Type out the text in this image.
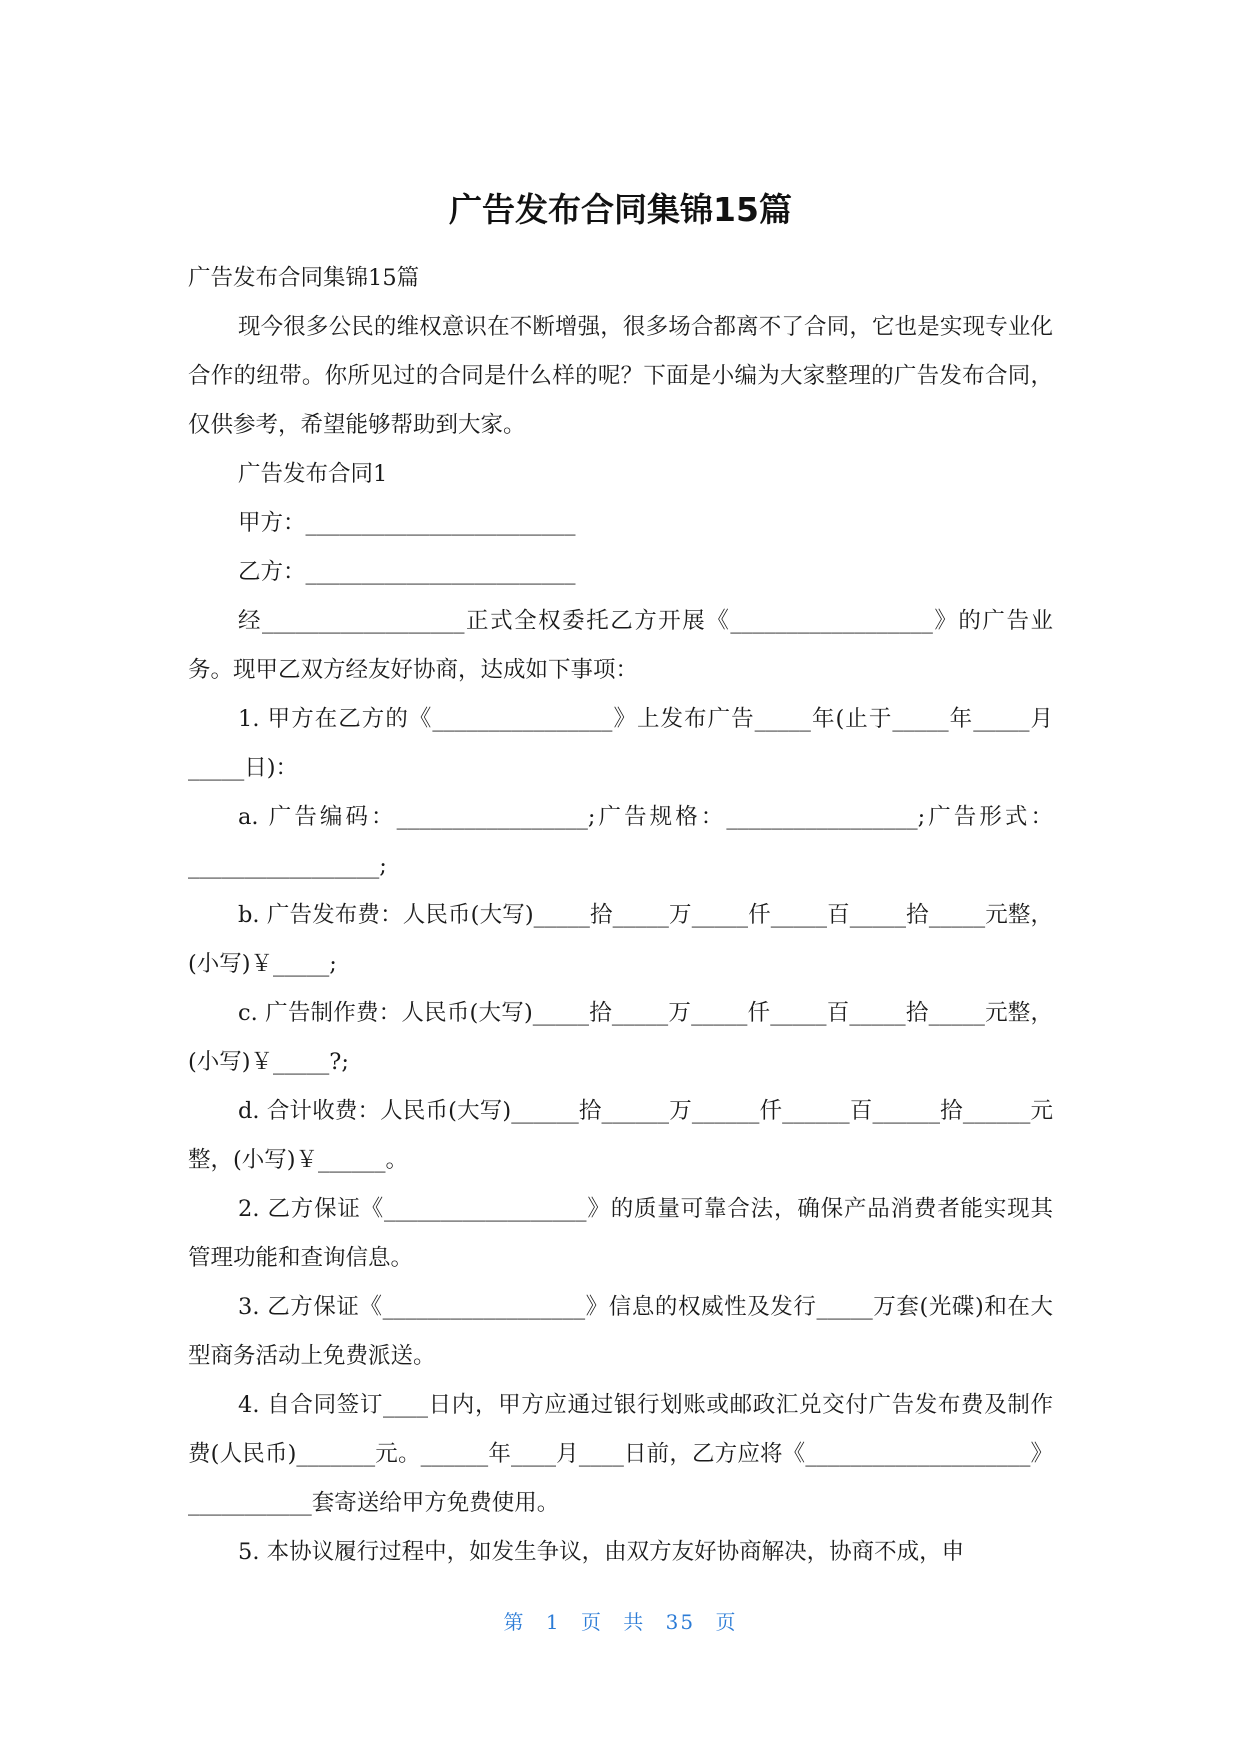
广告发布合同集锦15篇

广告发布合同集锦15篇

现今很多公民的维权意识在不断增强，很多场合都离不了合同，它也是实现专业化合作的纽带。你所见过的合同是什么样的呢？下面是小编为大家整理的广告发布合同，仅供参考，希望能够帮助到大家。

广告发布合同1

甲方：________________________

乙方：________________________

经__________________正式全权委托乙方开展《__________________》的广告业务。现甲乙双方经友好协商，达成如下事项：

1. 甲方在乙方的《________________》上发布广告_____年(止于_____年_____月_____日)：

a. 广告编码：_________________;广告规格：_________________;广告形式：_________________;

b. 广告发布费：人民币(大写)_____拾_____万_____仟_____百_____拾_____元整，(小写)￥_____;

c. 广告制作费：人民币(大写)_____拾_____万_____仟_____百_____拾_____元整，(小写)￥_____?;

d. 合计收费：人民币(大写)______拾______万______仟______百______拾______元整，(小写)￥______。

2. 乙方保证《__________________》的质量可靠合法，确保产品消费者能实现其管理功能和查询信息。

3. 乙方保证《__________________》信息的权威性及发行_____万套(光碟)和在大型商务活动上免费派送。

4. 自合同签订____日内，甲方应通过银行划账或邮政汇兑交付广告发布费及制作费(人民币)_______元。______年____月____日前，乙方应将《____________________》___________套寄送给甲方免费使用。

5. 本协议履行过程中，如发生争议，由双方友好协商解决，协商不成，申

第 1 页 共 35 页
